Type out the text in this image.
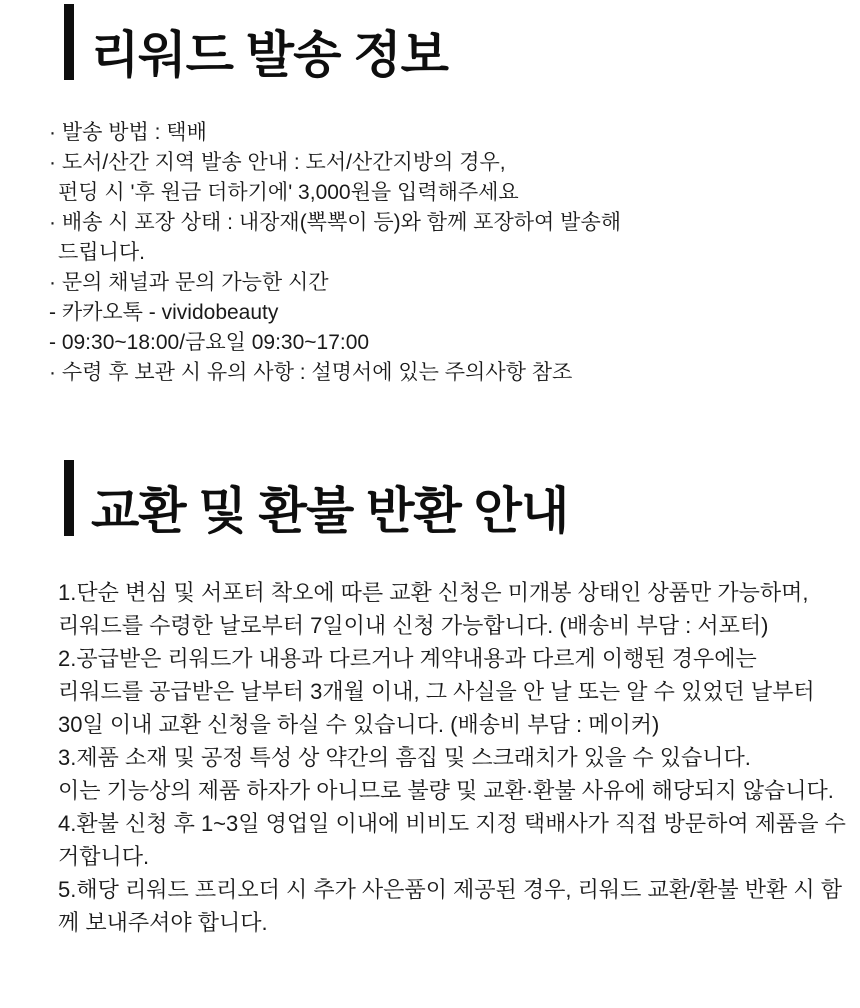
리워드 발송 정보
· 발송 방법 : 택배
· 도서/산간 지역 발송 안내 : 도서/산간지방의 경우,
펀딩 시 '후 원금 더하기에' 3,000원을 입력해주세요
· 배송 시 포장 상태 : 내장재(뽁뽁이 등)와 함께 포장하여 발송해
드립니다.
· 문의 채널과 문의 가능한 시간
- 카카오톡 - vividobeauty
- 09:30~18:00/금요일 09:30~17:00
· 수령 후 보관 시 유의 사항 : 설명서에 있는 주의사항 참조
교환 및 환불 반환 안내
1.단순 변심 및 서포터 착오에 따른 교환 신청은 미개봉 상태인 상품만 가능하며,
리워드를 수령한 날로부터 7일이내 신청 가능합니다. (배송비 부담 : 서포터)
2.공급받은 리워드가 내용과 다르거나 계약내용과 다르게 이행된 경우에는
리워드를 공급받은 날부터 3개월 이내, 그 사실을 안 날 또는 알 수 있었던 날부터
30일 이내 교환 신청을 하실 수 있습니다. (배송비 부담 : 메이커)
3.제품 소재 및 공정 특성 상 약간의 흠집 및 스크래치가 있을 수 있습니다.
이는 기능상의 제품 하자가 아니므로 불량 및 교환·환불 사유에 해당되지 않습니다.
4.환불 신청 후 1~3일 영업일 이내에 비비도 지정 택배사가 직접 방문하여 제품을 수
거합니다.
5.해당 리워드 프리오더 시 추가 사은품이 제공된 경우, 리워드 교환/환불 반환 시 함
께 보내주셔야 합니다.
